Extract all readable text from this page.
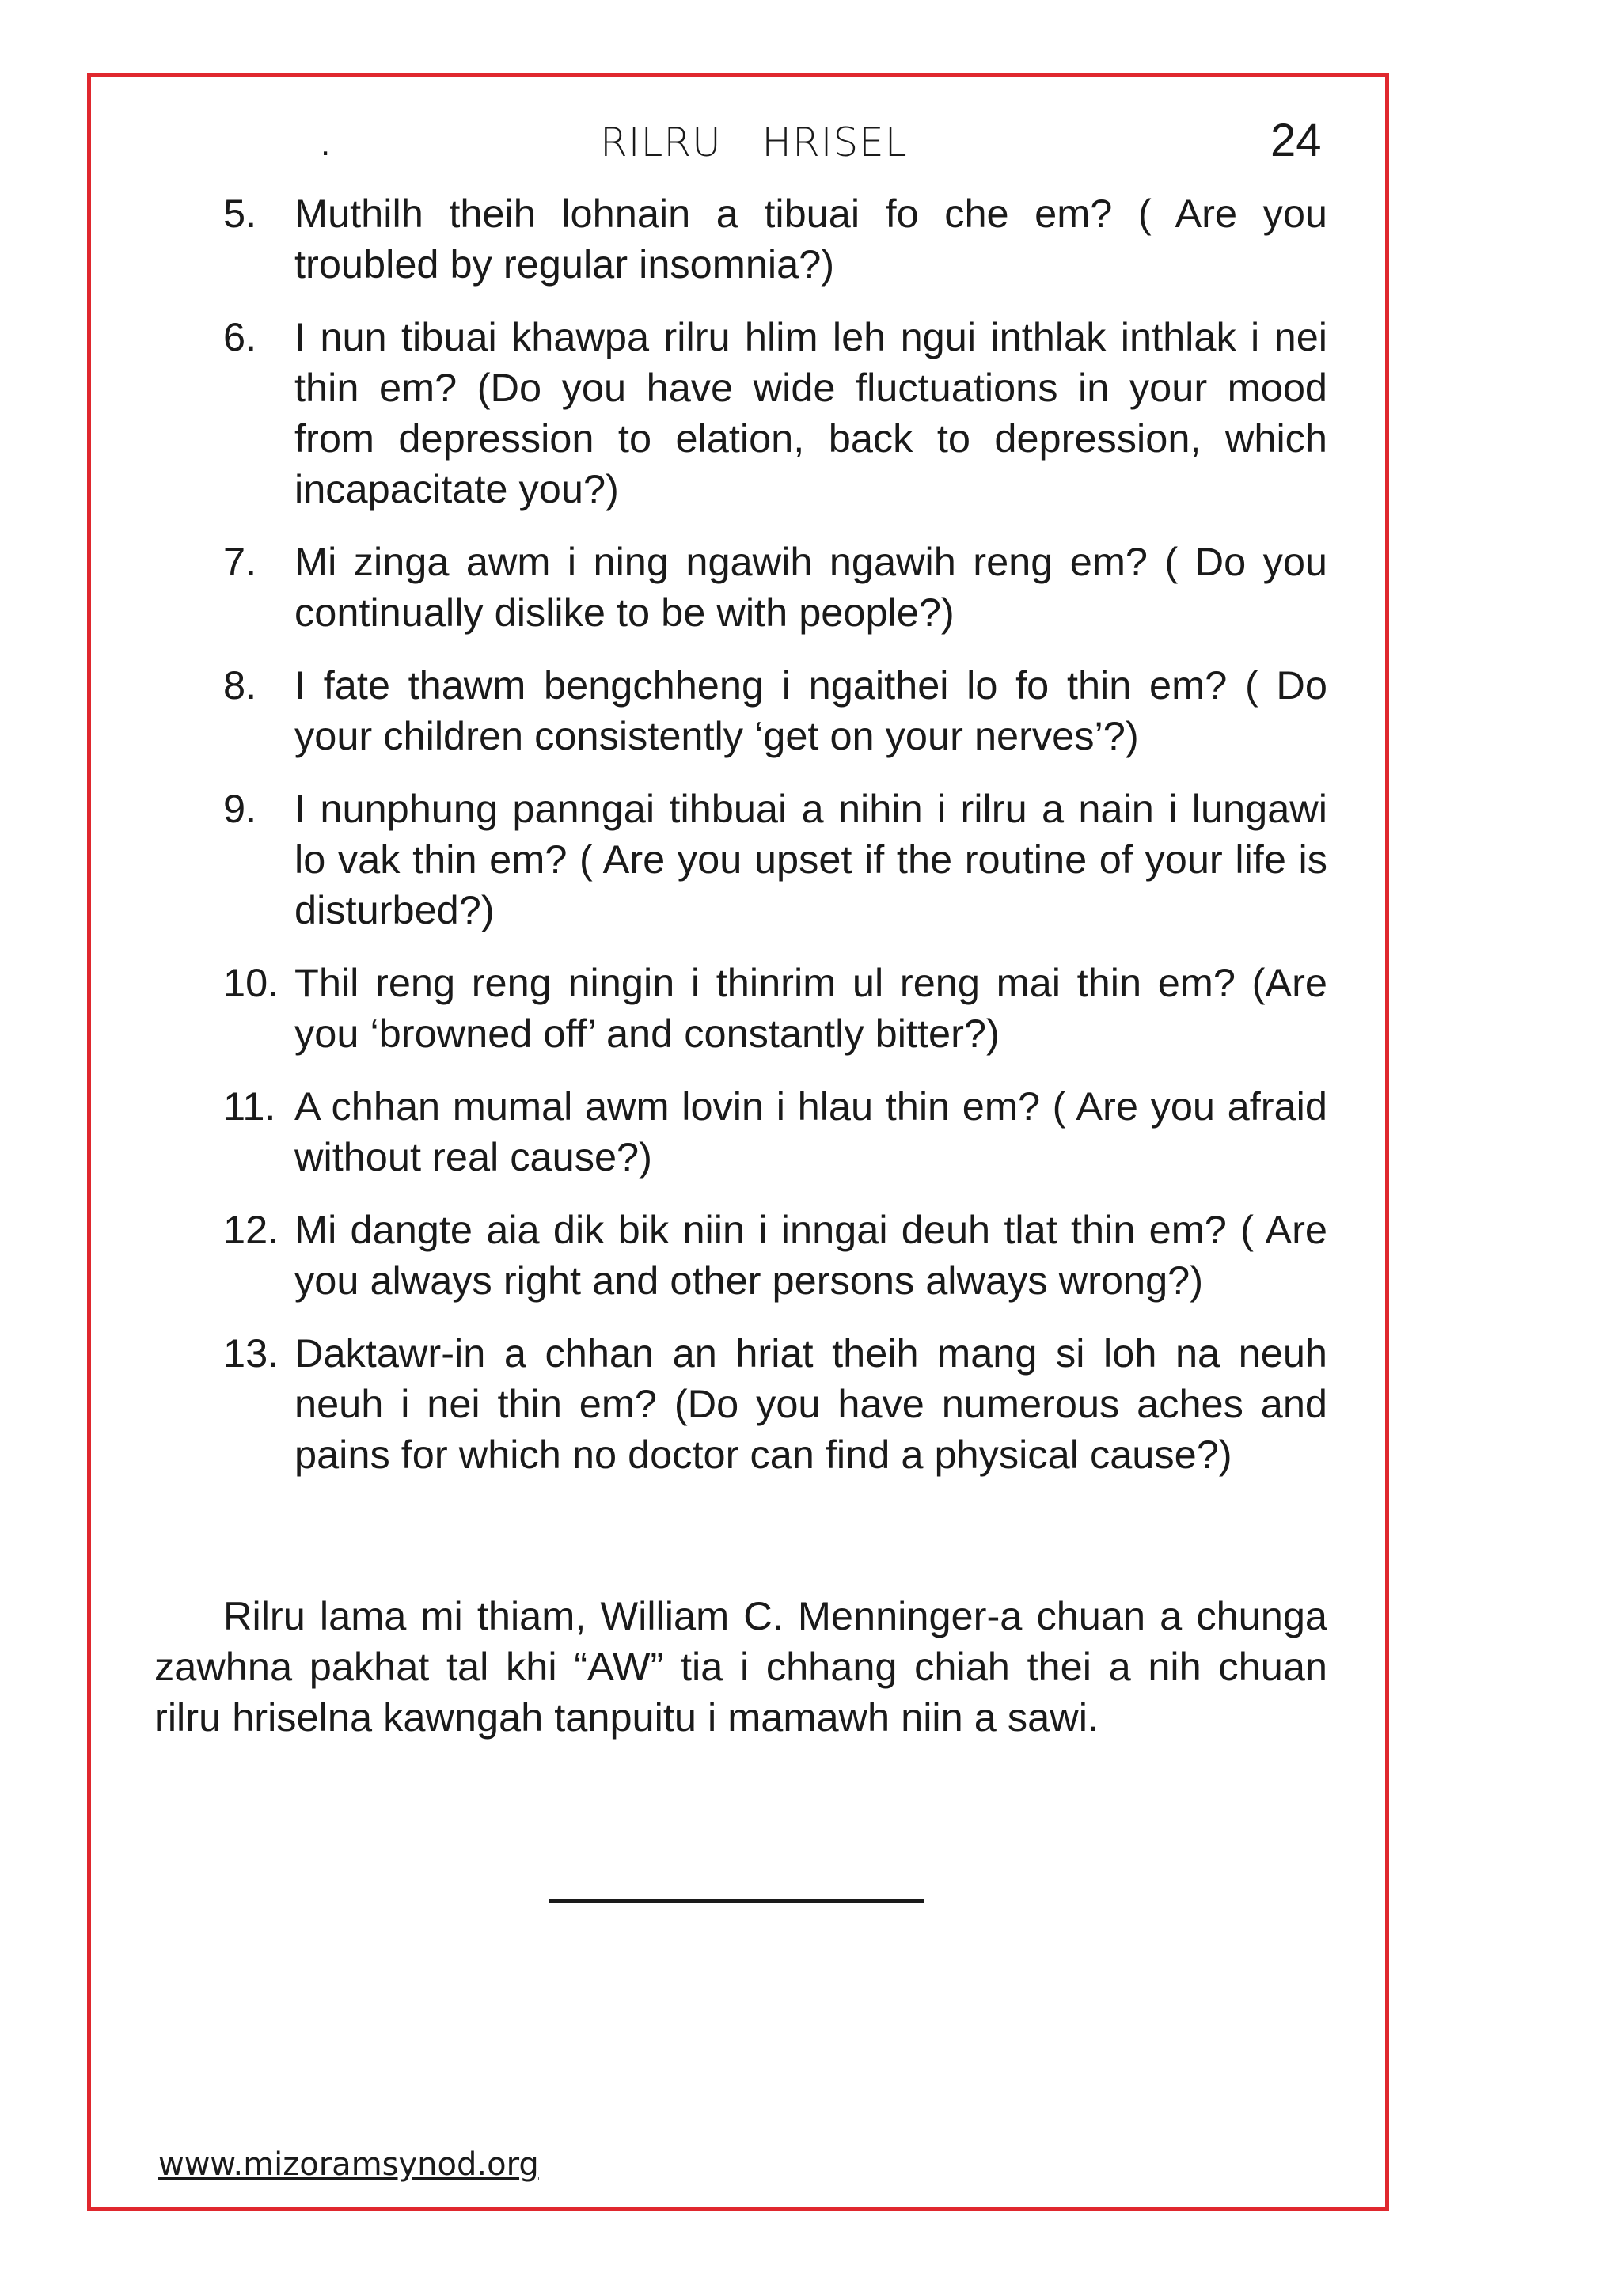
.	RILRU   HRISEL	24
5. Muthilh theih lohnain a tibuai fo che em? ( Are you troubled by regular insomnia?)
6. I nun tibuai khawpa rilru hlim leh ngui inthlak inthlak i nei thin em? (Do you have wide fluctuations in your mood from depression to elation, back to depression, which incapacitate you?)
7. Mi zinga awm i ning ngawih ngawih reng em? ( Do you continually dislike to be with people?)
8. I fate thawm bengchheng i ngaithei lo fo thin em? ( Do your children consistently ‘get on your nerves’?)
9. I nunphung panngai tihbuai a nihin i rilru a nain i lungawi lo vak thin em? ( Are you upset if the routine of your life is disturbed?)
10. Thil reng reng ningin i thinrim ul reng mai thin em? (Are you ‘browned off’ and constantly bitter?)
11. A chhan mumal awm lovin i hlau thin em? ( Are you afraid without real cause?)
12. Mi dangte aia dik bik niin i inngai deuh tlat thin em? ( Are you always right and other persons always wrong?)
13. Daktawr-in a chhan an hriat theih mang si loh na neuh neuh i nei thin em? (Do you have numerous aches and pains for which no doctor can find a physical cause?)

Rilru lama mi thiam, William C. Menninger-a chuan a chunga zawhna pakhat tal khi “AW” tia i chhang chiah thei a nih chuan rilru hriselna kawngah tanpuitu i mamawh niin a sawi.

www.mizoramsynod.org
